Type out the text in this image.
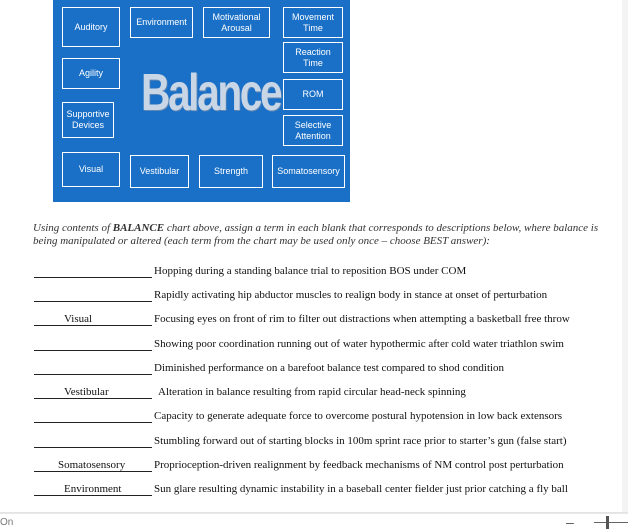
Auditory	Environment
Motivational
Arousal
Movement
Time
Reaction
Time
Agility
ROM
Supportive
Devices	Selective
Attention
Visual	Vestibular	Strength	Somatosensory
Balance

Using contents of BALANCE chart above, assign a term in each blank that corresponds to descriptions below, where balance is being manipulated or altered (each term from the chart may be used only once – choose BEST answer):

Hopping during a standing balance trial to reposition BOS under COM
Rapidly activating hip abductor muscles to realign body in stance at onset of perturbation
Visual	Focusing eyes on front of rim to filter out distractions when attempting a basketball free throw
Showing poor coordination running out of water hypothermic after cold water triathlon swim
Diminished performance on a barefoot balance test compared to shod condition
Vestibular	Alteration in balance resulting from rapid circular head-neck spinning
Capacity to generate adequate force to overcome postural hypotension in low back extensors
Stumbling forward out of starting blocks in 100m sprint race prior to starter’s gun (false start)
Somatosensory	Proprioception-driven realignment by feedback mechanisms of NM control post perturbation
Environment	Sun glare resulting dynamic instability in a baseball center fielder just prior catching a fly ball
On	–
